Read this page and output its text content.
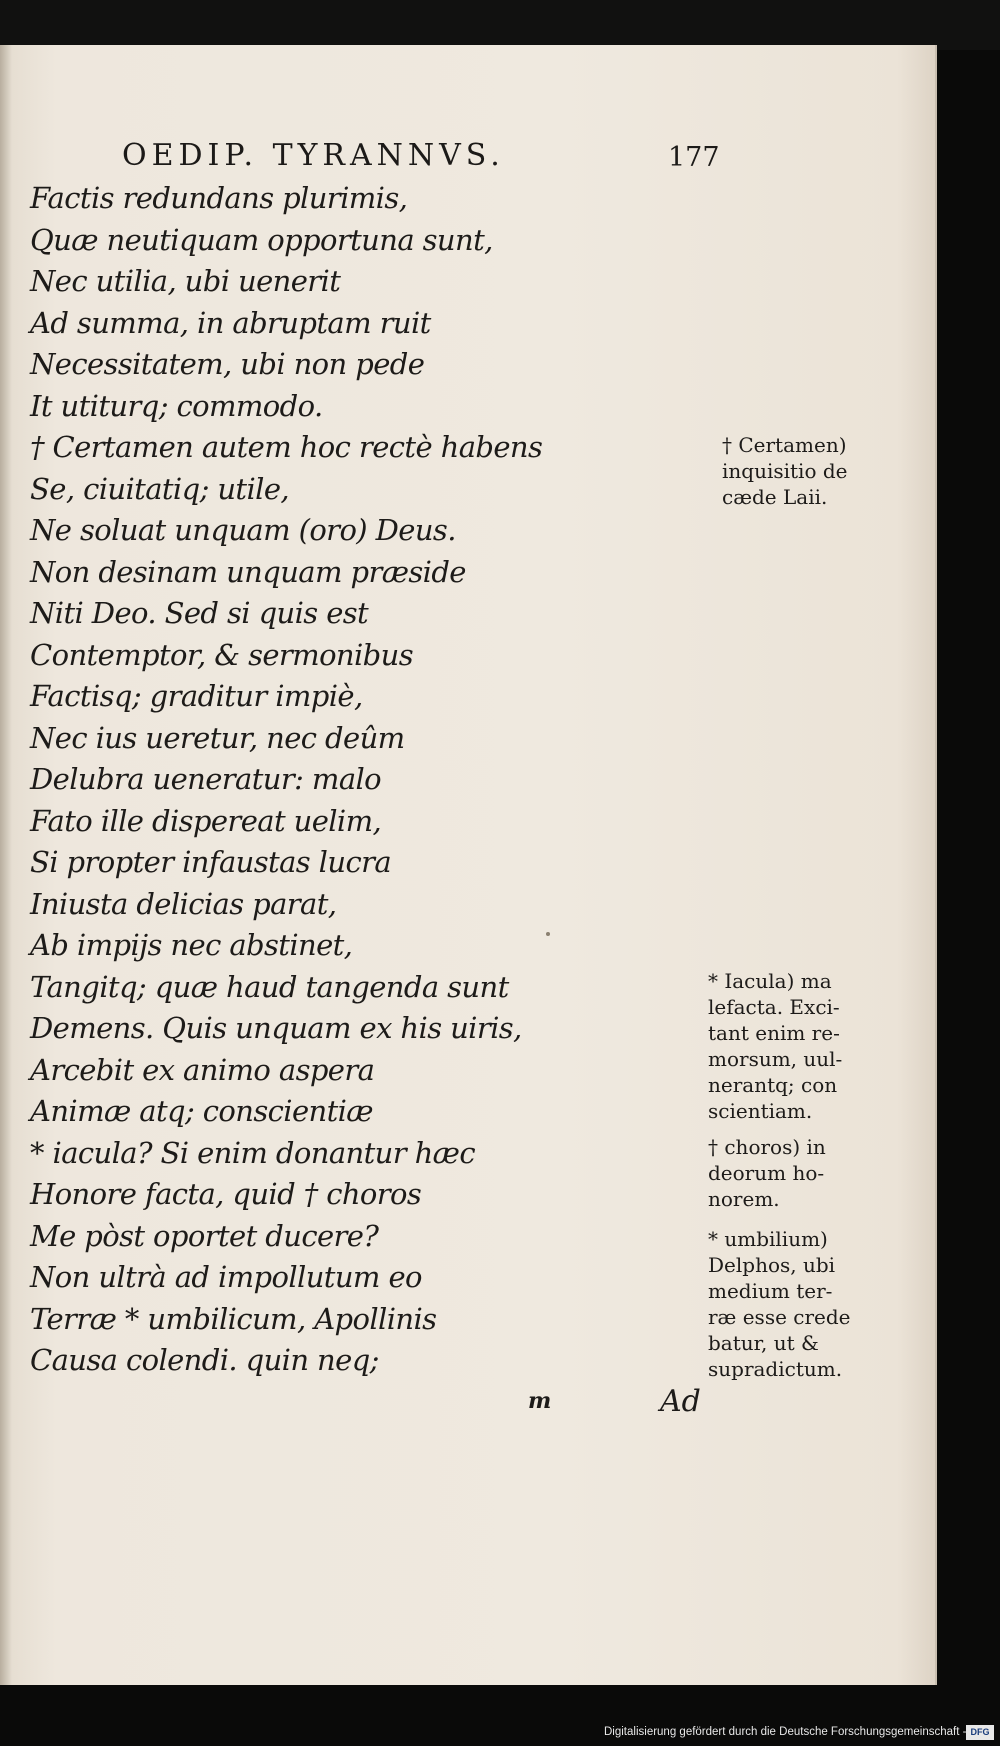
OEDIP. TYRANNVS.	177
Factis redundans plurimis,
Quæ neutiquam opportuna sunt,
Nec utilia, ubi uenerit
Ad summa, in abruptam ruit
Necessitatem, ubi non pede
It utiturq; commodo.
† Certamen autem hoc rectè habens
Se, ciuitatiq; utile,
Ne soluat unquam (oro) Deus.
Non desinam unquam præside
Niti Deo. Sed si quis est
Contemptor, & sermonibus
Factisq; graditur impiè,
Nec ius ueretur, nec deûm
Delubra ueneratur: malo
Fato ille dispereat uelim,
Si propter infaustas lucra
Iniusta delicias parat,
Ab impijs nec abstinet,
Tangitq; quæ haud tangenda sunt
Demens. Quis unquam ex his uiris,
Arcebit ex animo aspera
Animæ atq; conscientiæ
* iacula? Si enim donantur hæc
Honore facta, quid † choros
Me pòst oportet ducere?
Non ultrà ad impollutum eo
Terræ * umbilicum, Apollinis
Causa colendi. quin neq;
† Certamen)
inquisitio de
cæde Laii.
* Iacula) ma
lefacta. Exci-
tant enim re-
morsum, uul-
nerantq; con
scientiam.
† choros) in
deorum ho-
norem.
* umbilium)
Delphos, ubi
medium ter-
ræ esse crede
batur, ut &
supradictum.
m	Ad
Digitalisierung gefördert durch die Deutsche Forschungsgemeinschaft - DFG
